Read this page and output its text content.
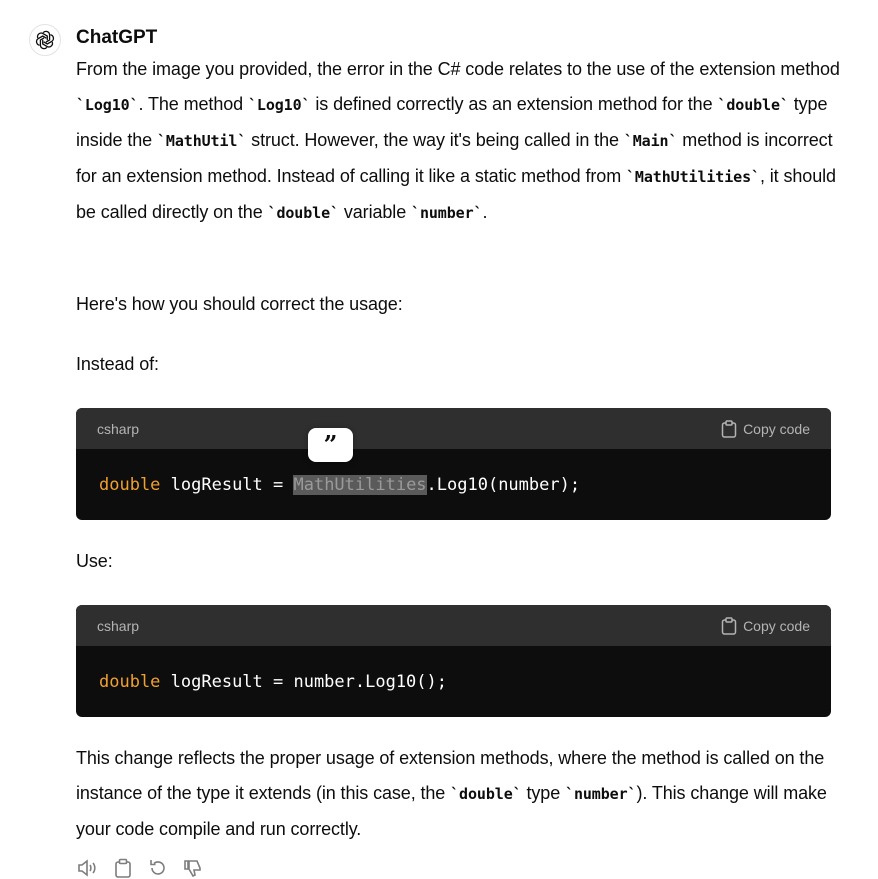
ChatGPT
From the image you provided, the error in the C# code relates to the use of the extension method `Log10`. The method `Log10` is defined correctly as an extension method for the `double` type inside the `MathUtil` struct. However, the way it's being called in the `Main` method is incorrect for an extension method. Instead of calling it like a static method from `MathUtilities`, it should be called directly on the `double` variable `number`.
Here's how you should correct the usage:
Instead of:
csharp	Copy code
double logResult = MathUtilities .Log10(number);
”
Use:
csharp	Copy code
double logResult = number.Log10();
This change reflects the proper usage of extension methods, where the method is called on the instance of the type it extends (in this case, the `double` type `number`). This change will make your code compile and run correctly.
